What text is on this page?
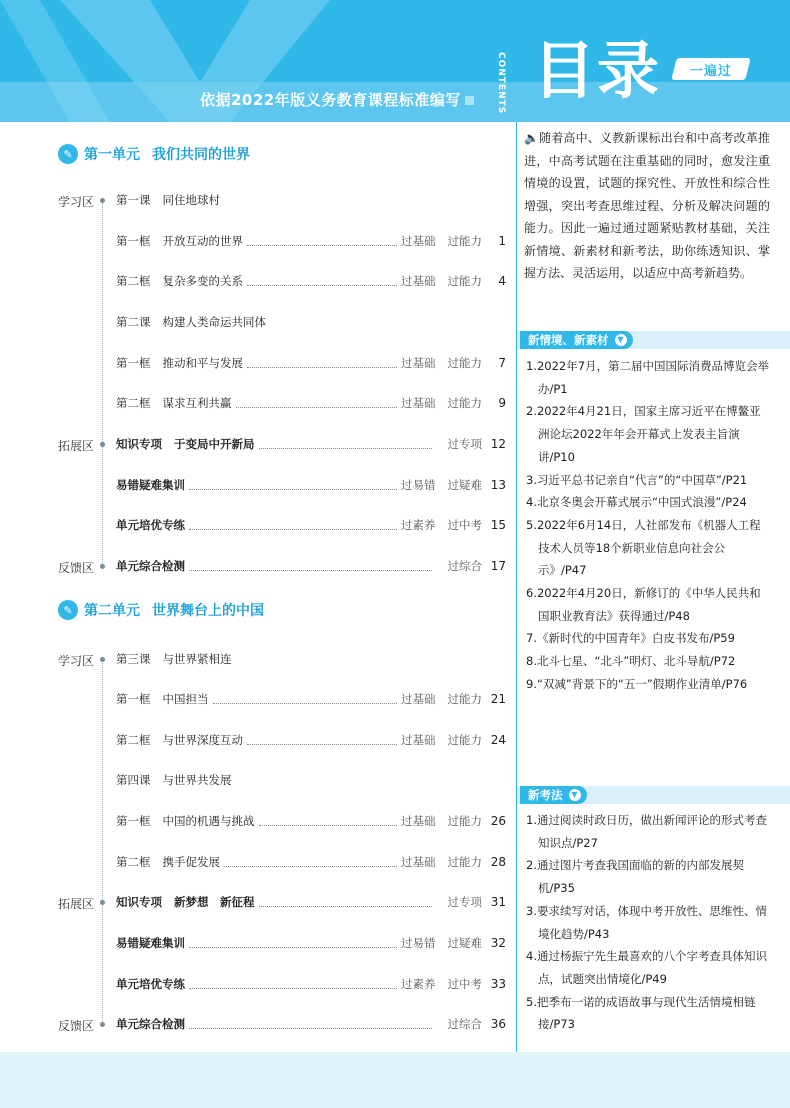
依据2022年版义务教育课程标准编写	CONTENTS 目录 一遍过
✎ 第一单元 我们共同的世界
学习区
拓展区
反馈区
第一课 同住地球村
第一框 开放互动的世界	过基础 过能力	1
第二框 复杂多变的关系	过基础 过能力	4
第二课 构建人类命运共同体
第一框 推动和平与发展	过基础 过能力	7
第二框 谋求互利共赢	过基础 过能力	9
知识专项 于变局中开新局	过专项 12
易错疑难集训	过易错 过疑难 13
单元培优专练	过素养 过中考 15
单元综合检测	过综合 17
✎ 第二单元 世界舞台上的中国
学习区
拓展区
反馈区
第三课 与世界紧相连
第一框 中国担当	过基础 过能力 21
第二框 与世界深度互动	过基础 过能力 24
第四课 与世界共发展
第一框 中国的机遇与挑战	过基础 过能力 26
第二框 携手促发展	过基础 过能力 28
知识专项 新梦想　新征程	过专项 31
易错疑难集训	过易错 过疑难 32
单元培优专练	过素养 过中考 33
单元综合检测	过综合 36
🔈随着高中、义教新课标出台和中高考改革推进，中高考试题在注重基础的同时，愈发注重情境的设置，试题的探究性、开放性和综合性增强，突出考查思维过程、分析及解决问题的能力。因此一遍过通过题紧贴教材基础，关注新情境、新素材和新考法，助你练透知识、掌握方法、灵活运用，以适应中高考新趋势。
新情境、新素材	▼
1.2022年7月，第二届中国国际消费品博览会举办/P1
2.2022年4月21日，国家主席习近平在博鳌亚洲论坛2022年年会开幕式上发表主旨演讲/P10
3.习近平总书记亲自“代言”的“中国草”/P21
4.北京冬奥会开幕式展示“中国式浪漫”/P24
5.2022年6月14日，人社部发布《机器人工程技术人员等18个新职业信息向社会公示》/P47
6.2022年4月20日，新修订的《中华人民共和国职业教育法》获得通过/P48
7.《新时代的中国青年》白皮书发布/P59
8.北斗七星、“北斗”明灯、北斗导航/P72
9.“双减”背景下的“五一”假期作业清单/P76
新考法	▼
1.通过阅读时政日历，做出新闻评论的形式考查知识点/P27
2.通过图片考查我国面临的新的内部发展契机/P35
3.要求续写对话，体现中考开放性、思维性、情境化趋势/P43
4.通过杨振宁先生最喜欢的八个字考查具体知识点，试题突出情境化/P49
5.把季布一诺的成语故事与现代生活情境相链接/P73
